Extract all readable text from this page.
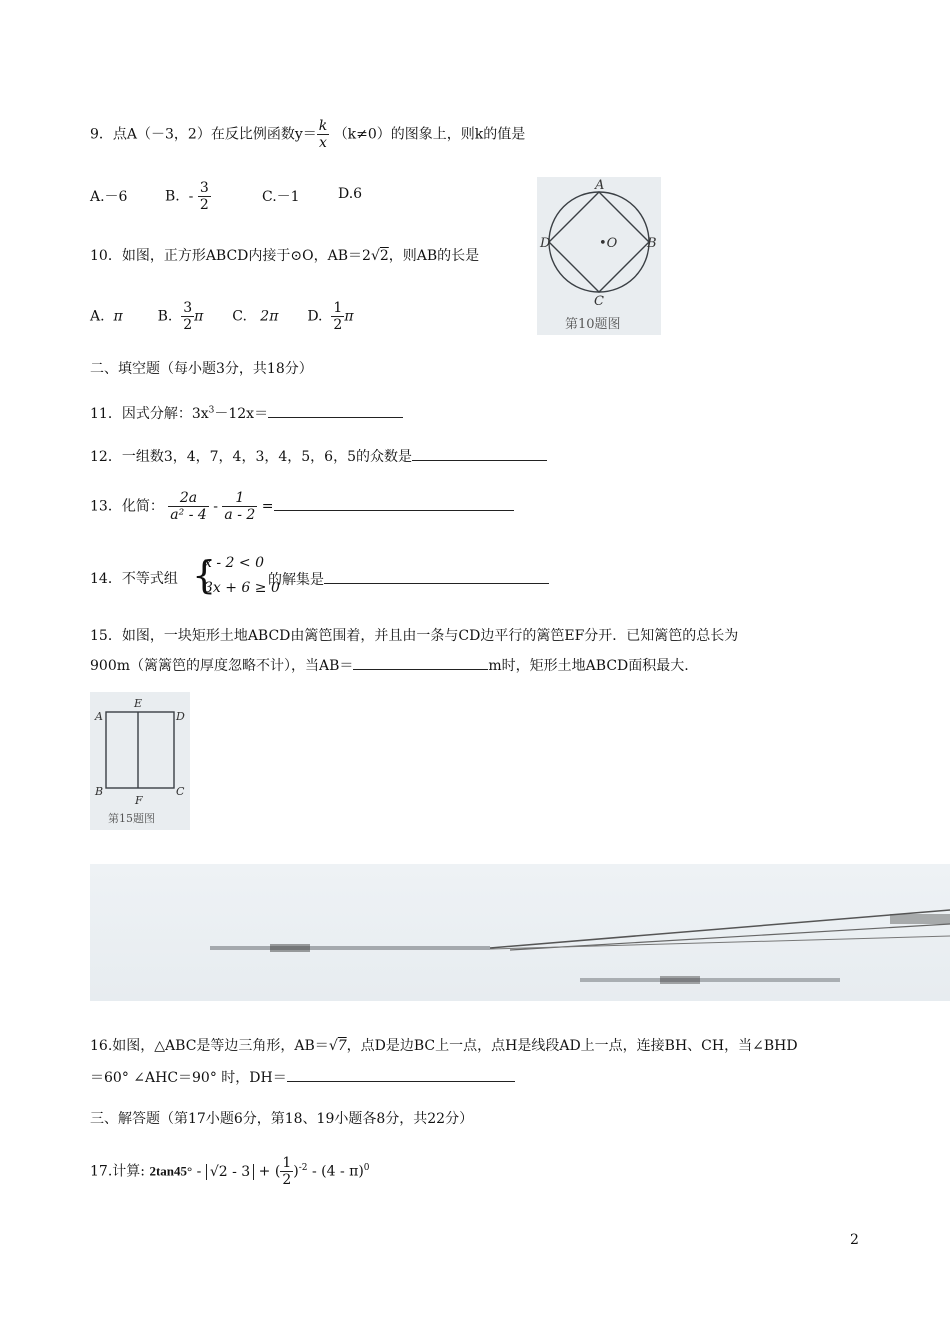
9．点A（－3，2）在反比例函数$y= \frac{k}{x} (k\ne 0)$的图象上，则k的值是
A.－6	B. - $\frac{3}{2}$	C.－1	D.6
10．如图，正方形ABCD内接于⊙O，AB＝2√2，则AB的长是
A. π B. $\frac{3}{2}$ π C. 2π D. $\frac{1}{2}$ π
A
B
C
D	•O
第10题图
二、填空题（每小题3分，共18分）
11．因式分解：$3x^3-12x=$
12．一组数3，4，7，4，3，4，5，6，5的众数是
13．化简： $\frac{2a}{\text{a² - 4}} - \frac{1}{a - 2}$ =
14．不等式组 {
x - 2 < 0
3x + 6 ≥ 0
的解集是
15．如图，一块矩形土地ABCD由篱笆围着，并且由一条与CD边平行的篱笆EF分开．已知篱笆的总长为
900m（篱篱笆的厚度忽略不计），当AB＝	m时，矩形土地ABCD面积最大.
A
E
D
B
F
C
第15题图
16.如图，△ABC是等边三角形，AB＝√7，点D是边BC上一点，点H是线段AD上一点，连接BH、CH，当∠BHD
＝60° ∠AHC＝90° 时，DH＝
三、解答题（第17小题6分，第18、19小题各8分，共22分）
17.计算: 2tan45° - √2 - 3 + ( $\frac{1}{2} )^{-2} - (4 - \pi)^0$
2
